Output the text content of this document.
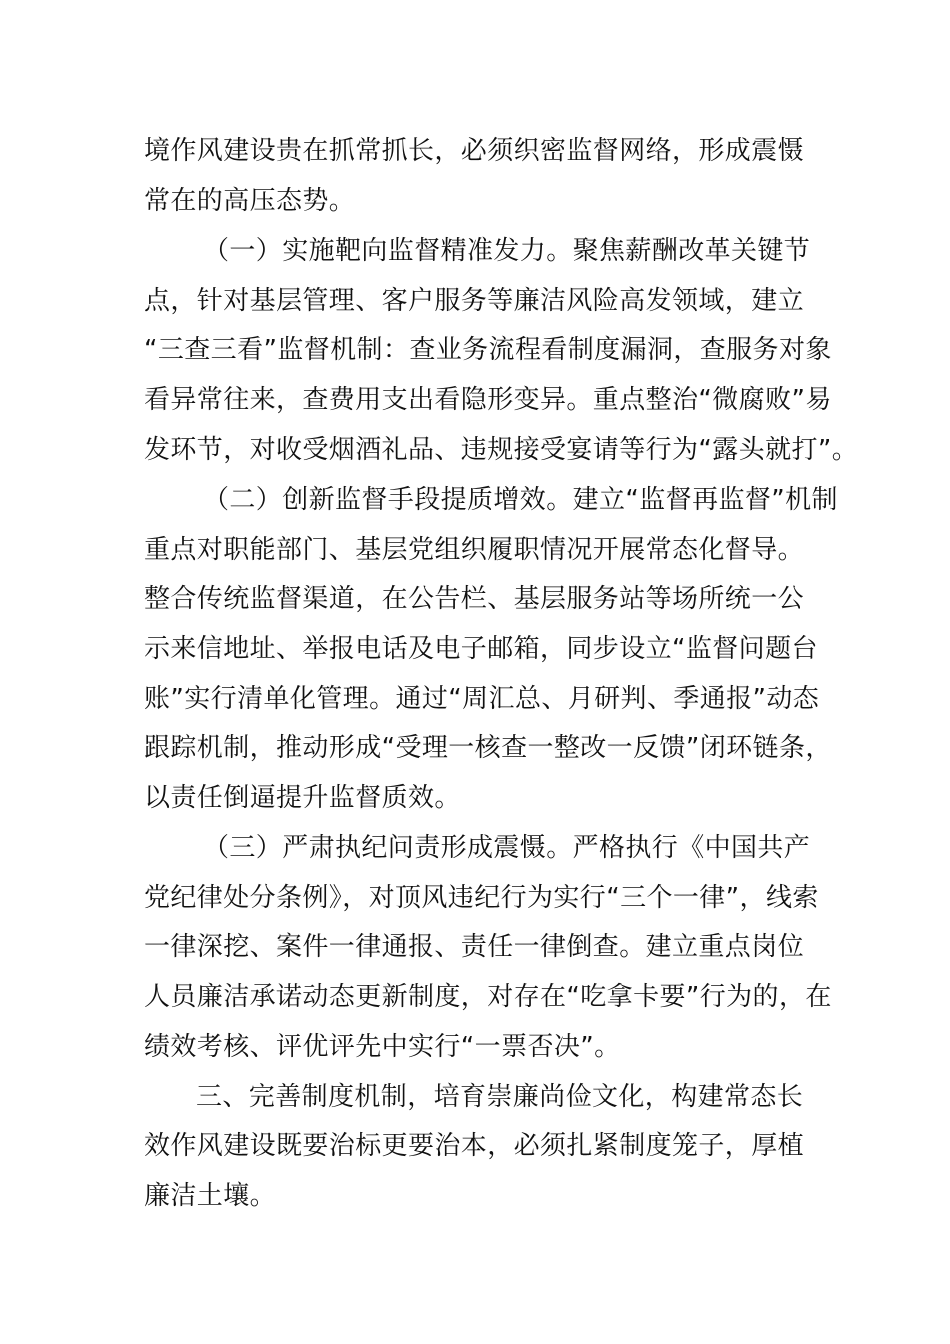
境作风建设贵在抓常抓长，必须织密监督网络，形成震慑

常在的高压态势。

（一）实施靶向监督精准发力。聚焦薪酬改革关键节

点，针对基层管理、客户服务等廉洁风险高发领域，建立

“三查三看”监督机制：查业务流程看制度漏洞，查服务对象

看异常往来，查费用支出看隐形变异。重点整治“微腐败”易

发环节，对收受烟酒礼品、违规接受宴请等行为“露头就打”。

（二）创新监督手段提质增效。建立“监督再监督”机制

重点对职能部门、基层党组织履职情况开展常态化督导。

整合传统监督渠道，在公告栏、基层服务站等场所统一公

示来信地址、举报电话及电子邮箱，同步设立“监督问题台

账”实行清单化管理。通过“周汇总、月研判、季通报”动态

跟踪机制，推动形成“受理一核查一整改一反馈”闭环链条，

以责任倒逼提升监督质效。

（三）严肃执纪问责形成震慑。严格执行《中国共产

党纪律处分条例》，对顶风违纪行为实行“三个一律”，线索

一律深挖、案件一律通报、责任一律倒查。建立重点岗位

人员廉洁承诺动态更新制度，对存在“吃拿卡要”行为的，在

绩效考核、评优评先中实行“一票否决”。

三、完善制度机制，培育崇廉尚俭文化，构建常态长

效作风建设既要治标更要治本，必须扎紧制度笼子，厚植

廉洁土壤。
